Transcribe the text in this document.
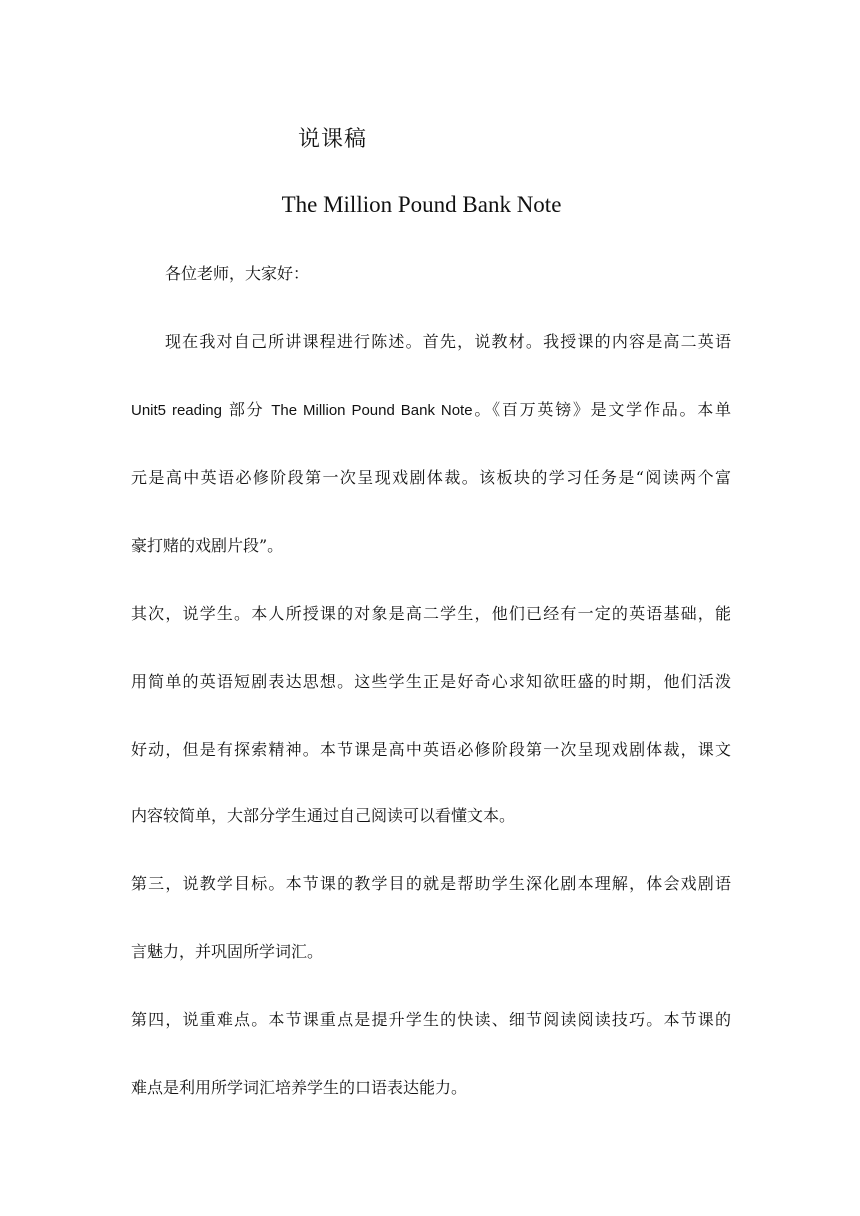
说课稿
The Million Pound Bank Note
各位老师，大家好：
现在我对自己所讲课程进行陈述。首先，说教材。我授课的内容是高二英语
Unit5 reading 部分 The Million Pound Bank Note。《百万英镑》是文学作品。本单
元是高中英语必修阶段第一次呈现戏剧体裁。该板块的学习任务是“阅读两个富
豪打赌的戏剧片段”。
其次，说学生。本人所授课的对象是高二学生，他们已经有一定的英语基础，能
用简单的英语短剧表达思想。这些学生正是好奇心求知欲旺盛的时期，他们活泼
好动，但是有探索精神。本节课是高中英语必修阶段第一次呈现戏剧体裁，课文
内容较简单，大部分学生通过自己阅读可以看懂文本。
第三，说教学目标。本节课的教学目的就是帮助学生深化剧本理解，体会戏剧语
言魅力，并巩固所学词汇。
第四，说重难点。本节课重点是提升学生的快读、细节阅读阅读技巧。本节课的
难点是利用所学词汇培养学生的口语表达能力。
